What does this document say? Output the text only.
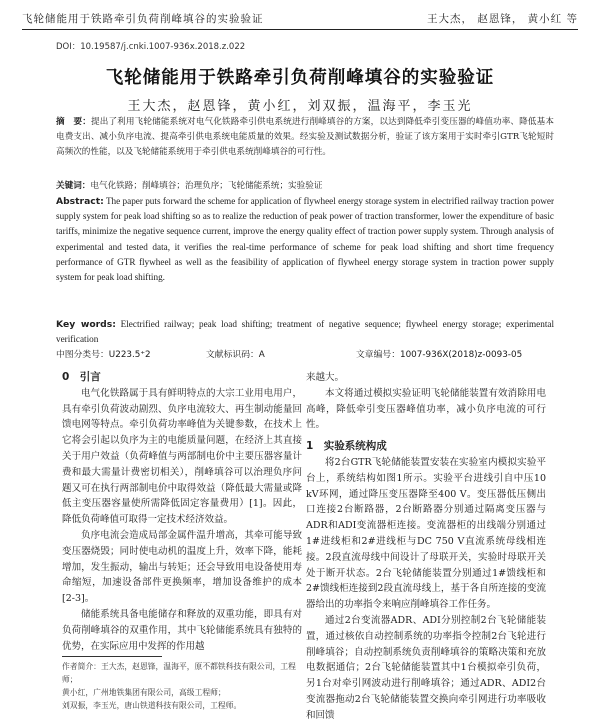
飞轮储能用于铁路牵引负荷削峰填谷的实验验证	王大杰， 赵恩锋， 黄小红 等
DOI：10.19587/j.cnki.1007-936x.2018.z.022
飞轮储能用于铁路牵引负荷削峰填谷的实验验证
王大杰，赵恩锋，黄小红，刘双振，温海平，李玉光
摘　要：提出了利用飞轮储能系统对电气化铁路牵引供电系统进行削峰填谷的方案，以达到降低牵引变压器的峰值功率、降低基本电费支出、减小负序电流、提高牵引供电系统电能质量的效果。经实验及测试数据分析，验证了该方案用于实时牵引GTR飞轮短时高频次的性能，以及飞轮储能系统用于牵引供电系统削峰填谷的可行性。
关键词：电气化铁路；削峰填谷；治理负序；飞轮储能系统；实验验证
Abstract: The paper puts forward the scheme for application of flywheel energy storage system in electrified railway traction power supply system for peak load shifting so as to realize the reduction of peak power of traction transformer, lower the expenditure of basic tariffs, minimize the negative sequence current, improve the energy quality effect of traction power supply system. Through analysis of experimental and tested data, it verifies the real-time performance of scheme for peak load shifting and short time frequency performance of GTR flywheel as well as the feasibility of application of flywheel energy storage system in traction power supply system for peak load shifting.
Key words: Electrified railway; peak load shifting; treatment of negative sequence; flywheel energy storage; experimental verification
中图分类号：U223.5⁺2	文献标识码：A	文章编号：1007-936X(2018)z-0093-05

0　引言

电气化铁路属于具有鲜明特点的大宗工业用电用户，具有牵引负荷波动剧烈、负序电流较大、再生制动能量回馈电网等特点。牵引负荷功率峰值为关键参数，在技术上它将会引起以负序为主的电能质量问题，在经济上其直接关于用户效益（负荷峰值与两部制电价中主要压器容量计费和最大需量计费密切相关），削峰填谷可以治理负序问题又可在执行两部制电价中取得效益（降低最大需量或降低主变压器容量使所需降低固定容量费用）[1]。因此，降低负荷峰值可取得一定技术经济效益。

负序电流会造成局部金属件温升增高，其牵可能导致变压器烧毁；同时使电动机的温度上升，效率下降，能耗增加，发生振动，输出与转矩；还会导致用电设备使用寿命缩短，加速设备部件更换频率，增加设备维护的成本[2-3]。

储能系统具备电能储存和释放的双重功能，即具有对负荷削峰填谷的双重作用，其中飞轮储能系统具有独特的优势，在实际应用中发挥的作用越

作者简介：王大杰，赵恩锋，温海平，原不都铁科技有限公司，工程师；
黄小红，广州地铁集团有限公司，高级工程师；
刘双振，李玉光，唐山铁道科技有限公司，工程师。

来越大。

本文将通过模拟实验证明飞轮储能装置有效消除用电高峰，降低牵引变压器峰值功率，减小负序电流的可行性。

1　实验系统构成

将2台GTR飞轮储能装置安装在实验室内模拟实验平台上，系统结构如图1所示。实验平台进线引自中压10 kV环网，通过降压变压器降至400 V。变压器低压侧出口连接2台断路器，2台断路器分别通过隔离变压器与ADR和ADI变流器柜连接。变流器柜的出线端分别通过1#进线柜和2#进线柜与DC 750 V直流系统母线相连接。2段直流母线中间设计了母联开关，实验时母联开关处于断开状态。2台飞轮储能装置分别通过1#馈线柜和2#馈线柜连接到2段直流母线上，基于各自所连接的变流器给出的功率指令来响应削峰填谷工作任务。

通过2台变流器ADR、ADI分别控制2台飞轮储能装置，通过核依自动控制系统的功率指令控制2台飞轮进行削峰填谷；自动控制系统负责削峰填谷的策略决策和充放电数据通信；2台飞轮储能装置其中1台模拟牵引负荷，另1台对牵引网波动进行削峰填谷；通过ADR、ADI2台变流器拖动2台飞轮储能装置交换向牵引网进行功率吸收和回馈
